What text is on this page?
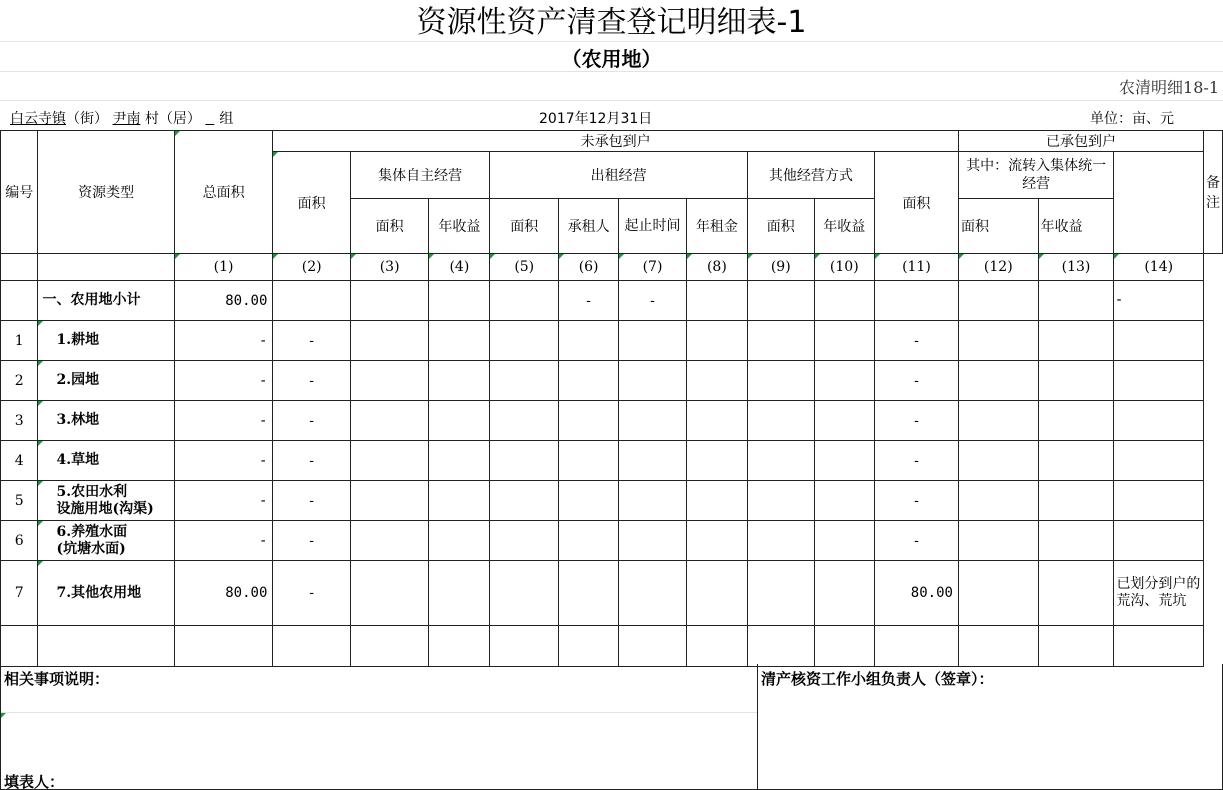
资源性资产清查登记明细表-1
（农用地）
农清明细18-1
白云寺镇（街） 尹南 村（居） 组	2017年12月31日	单位：亩、元
编号	资源类型	总面积	未承包到户										已承包到户			备注
			面积	集体自主经营		出租经营				其他经营方式		面积	其中：流转入集体统一经营			
				面积	年收益	面积	承租人	起止时间	年租金	面积	年收益		面积	年收益		
		(1)	(2)	(3)	(4)	(5)	(6)	(7)	(8)	(9)	(10)	(11)	(12)	(13)	(14)	
	一、农用地小计	80.00					-	-							-	
1	1.耕地	-	-									-				
2	2.园地	-	-									-				
3	3.林地	-	-									-				
4	4.草地	-	-									-				
5	5.农田水利
设施用地(沟渠)	-	-									-				
6	6.养殖水面
(坑塘水面)	-	-									-				
7	7.其他农用地	80.00	-									80.00			已划分到户的荒沟、荒坑	

相关事项说明：
填表人：
清产核资工作小组负责人（签章）：
